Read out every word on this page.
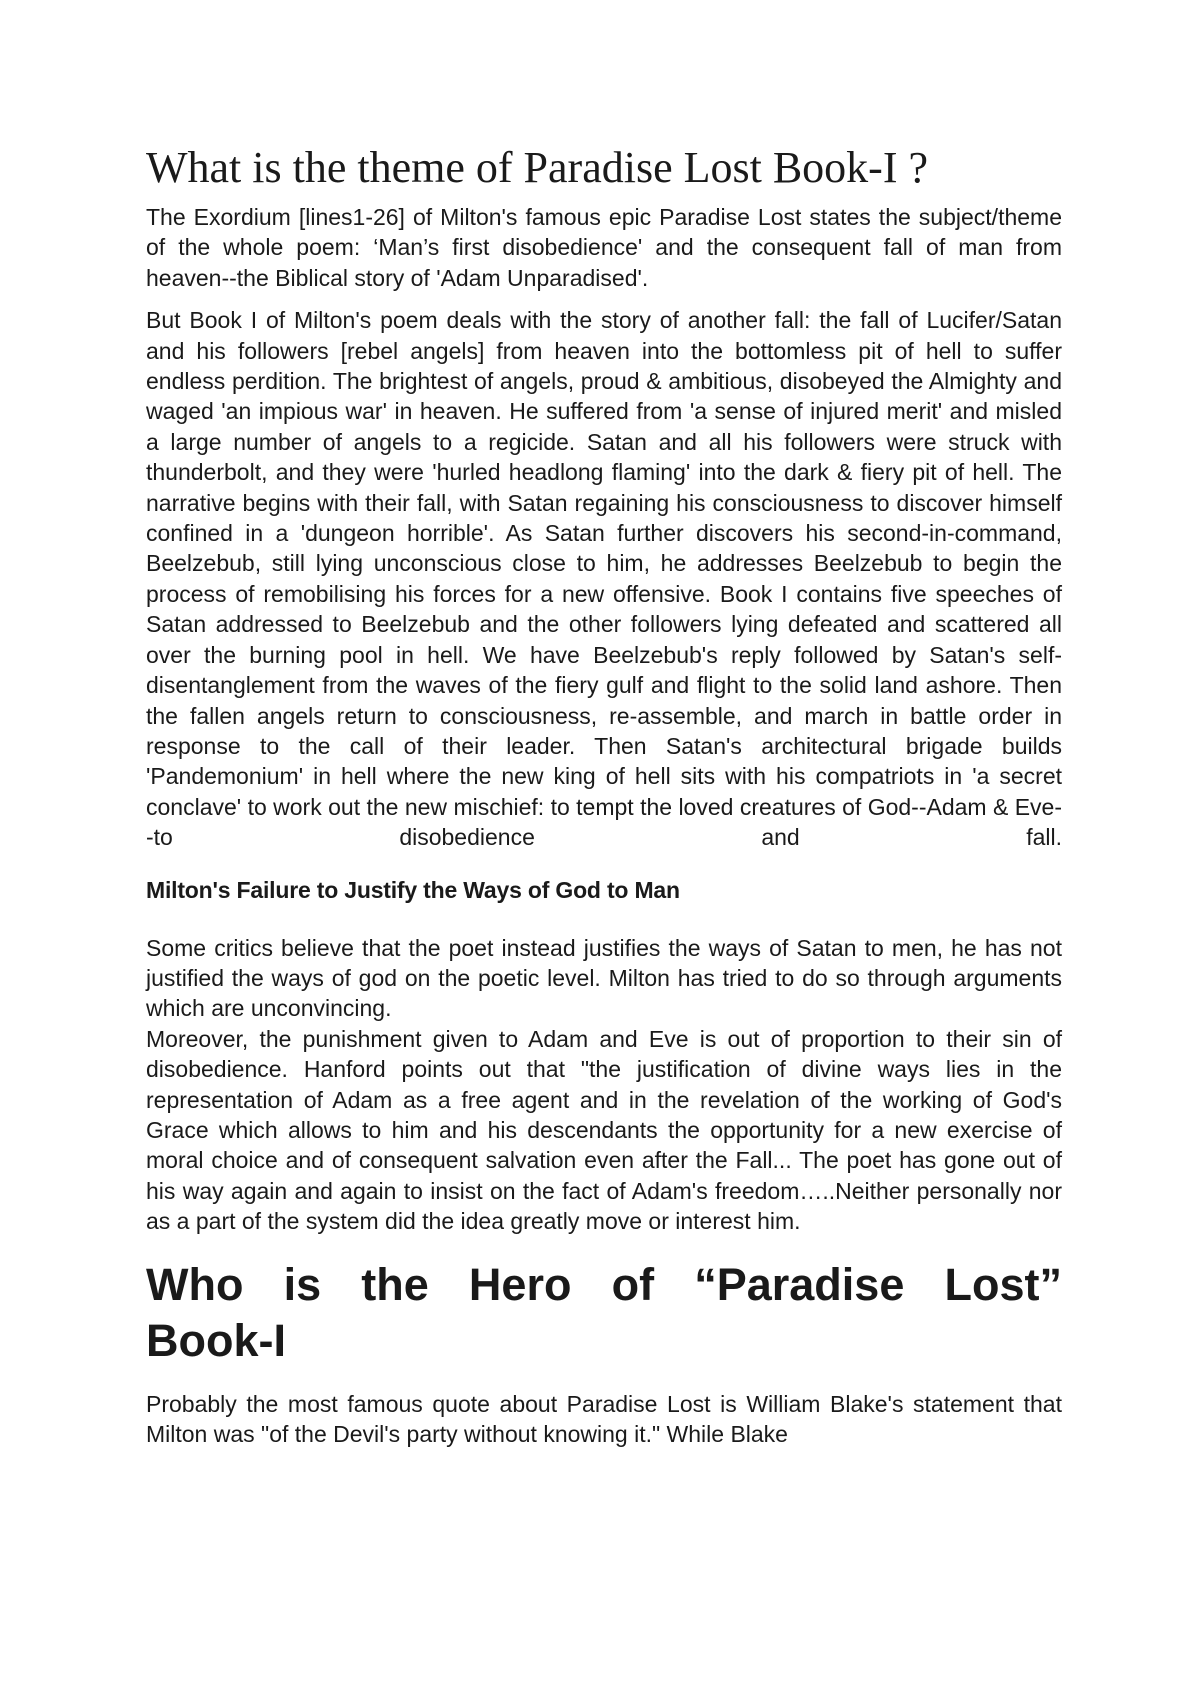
What is the theme of Paradise Lost Book-I ?

The Exordium [lines1-26] of Milton's famous epic Paradise Lost states the subject/theme of the whole poem: ‘Man’s first disobedience' and the consequent fall of man from heaven--the Biblical story of 'Adam Unparadised'.

But Book I of Milton's poem deals with the story of another fall: the fall of Lucifer/Satan and his followers [rebel angels] from heaven into the bottomless pit of hell to suffer endless perdition. The brightest of angels, proud & ambitious, disobeyed the Almighty and waged 'an impious war' in heaven. He suffered from 'a sense of injured merit' and misled a large number of angels to a regicide. Satan and all his followers were struck with thunderbolt, and they were 'hurled headlong flaming' into the dark & fiery pit of hell. The narrative begins with their fall, with Satan regaining his consciousness to discover himself confined in a 'dungeon horrible'. As Satan further discovers his second-in-command, Beelzebub, still lying unconscious close to him, he addresses Beelzebub to begin the process of remobilising his forces for a new offensive. Book I contains five speeches of Satan addressed to Beelzebub and the other followers lying defeated and scattered all over the burning pool in hell. We have Beelzebub's reply followed by Satan's self-disentanglement from the waves of the fiery gulf and flight to the solid land ashore. Then the fallen angels return to consciousness, re-assemble, and march in battle order in response to the call of their leader. Then Satan's architectural brigade builds 'Pandemonium' in hell where the new king of hell sits with his compatriots in 'a secret conclave' to work out the new mischief: to tempt the loved creatures of God--Adam & Eve--to disobedience and fall.

Milton's Failure to Justify the Ways of God to Man

Some critics believe that the poet instead justifies the ways of Satan to men, he has not justified the ways of god on the poetic level. Milton has tried to do so through arguments which are unconvincing.

Moreover, the punishment given to Adam and Eve is out of proportion to their sin of disobedience. Hanford points out that "the justification of divine ways lies in the representation of Adam as a free agent and in the revelation of the working of God's Grace which allows to him and his descendants the opportunity for a new exercise of moral choice and of consequent salvation even after the Fall... The poet has gone out of his way again and again to insist on the fact of Adam's freedom…..Neither personally nor as a part of the system did the idea greatly move or interest him.

Who is the Hero of “Paradise Lost” Book-I

Probably the most famous quote about Paradise Lost is William Blake's statement that Milton was "of the Devil's party without knowing it." While Blake
